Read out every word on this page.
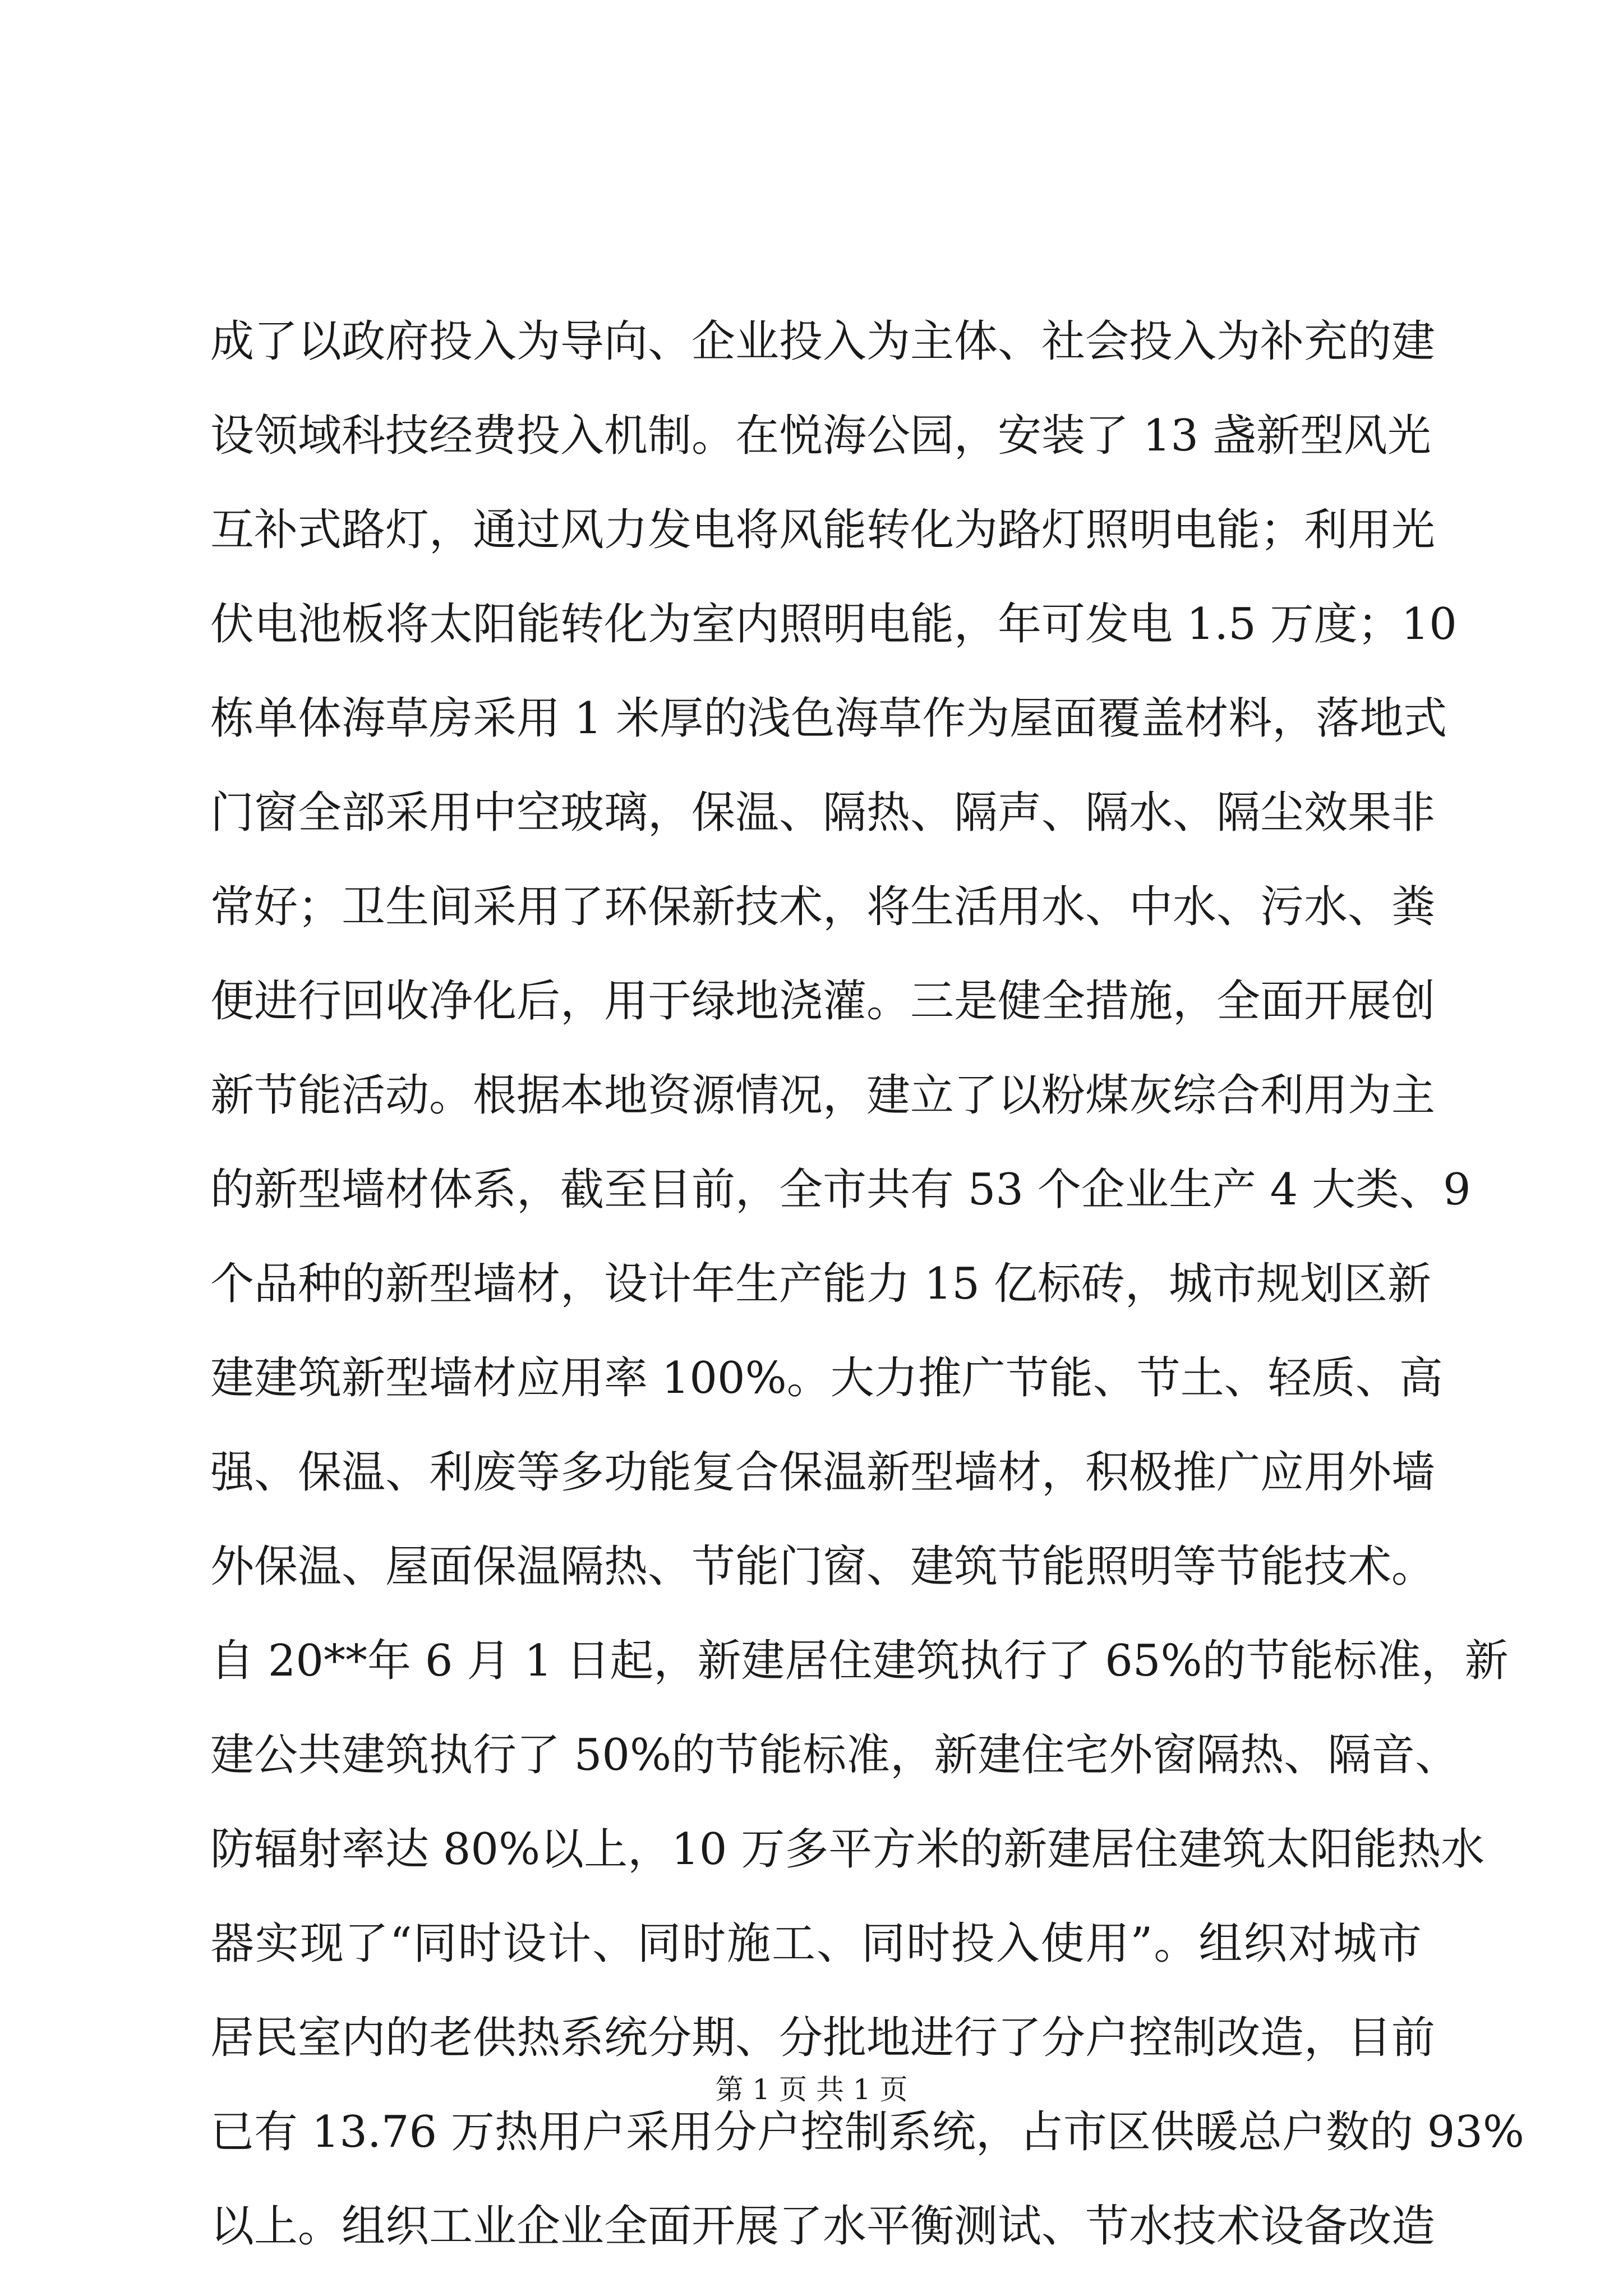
成了以政府投入为导向、企业投入为主体、社会投入为补充的建
设领域科技经费投入机制。在悦海公园，安装了 13 盏新型风光
互补式路灯，通过风力发电将风能转化为路灯照明电能；利用光
伏电池板将太阳能转化为室内照明电能，年可发电 1.5 万度；10
栋单体海草房采用 1 米厚的浅色海草作为屋面覆盖材料，落地式
门窗全部采用中空玻璃，保温、隔热、隔声、隔水、隔尘效果非
常好；卫生间采用了环保新技术，将生活用水、中水、污水、粪
便进行回收净化后，用于绿地浇灌。三是健全措施，全面开展创
新节能活动。根据本地资源情况，建立了以粉煤灰综合利用为主
的新型墙材体系，截至目前，全市共有 53 个企业生产 4 大类、9
个品种的新型墙材，设计年生产能力 15 亿标砖，城市规划区新
建建筑新型墙材应用率 100%。大力推广节能、节土、轻质、高
强、保温、利废等多功能复合保温新型墙材，积极推广应用外墙
外保温、屋面保温隔热、节能门窗、建筑节能照明等节能技术。
自 20**年 6 月 1 日起，新建居住建筑执行了 65%的节能标准，新
建公共建筑执行了 50%的节能标准，新建住宅外窗隔热、隔音、
防辐射率达 80%以上，10 万多平方米的新建居住建筑太阳能热水
器实现了“同时设计、同时施工、同时投入使用”。组织对城市
居民室内的老供热系统分期、分批地进行了分户控制改造，目前
已有 13.76 万热用户采用分户控制系统，占市区供暖总户数的 93%
以上。组织工业企业全面开展了水平衡测试、节水技术设备改造
第 1 页 共 1 页
